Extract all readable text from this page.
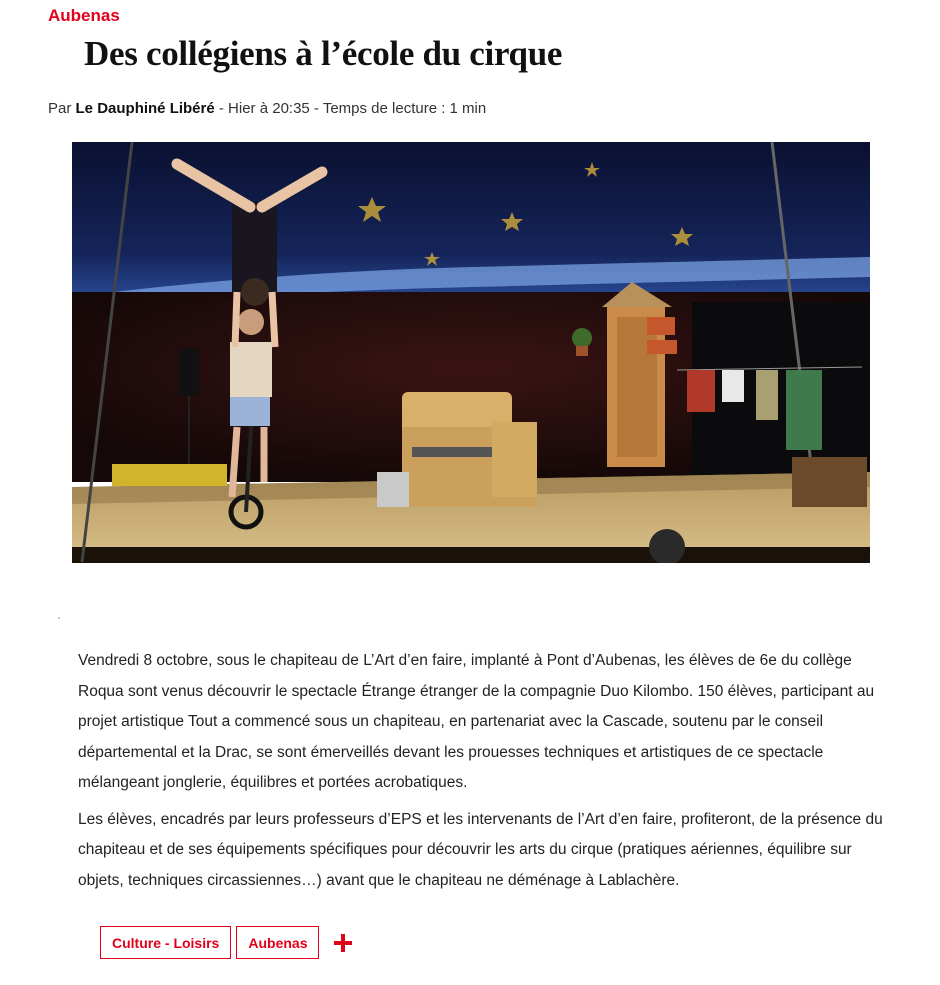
Aubenas
Des collégiens à l’école du cirque
Par Le Dauphiné Libéré - Hier à 20:35 - Temps de lecture : 1 min

Vendredi 8 octobre, sous le chapiteau de L’Art d’en faire, implanté à Pont d’Aubenas, les élèves de 6e du collège Roqua sont venus découvrir le spectacle Étrange étranger de la compagnie Duo Kilombo. 150 élèves, participant au projet artistique Tout a commencé sous un chapiteau, en partenariat avec la Cascade, soutenu par le conseil départemental et la Drac, se sont émerveillés devant les prouesses techniques et artistiques de ce spectacle mélangeant jonglerie, équilibres et portées acrobatiques.

Les élèves, encadrés par leurs professeurs d’EPS et les intervenants de l’Art d’en faire, profiteront, de la présence du chapiteau et de ses équipements spécifiques pour découvrir les arts du cirque (pratiques aériennes, équilibre sur objets, techniques circassiennes…) avant que le chapiteau ne déménage à Lablachère.

Culture - Loisirs	Aubenas
